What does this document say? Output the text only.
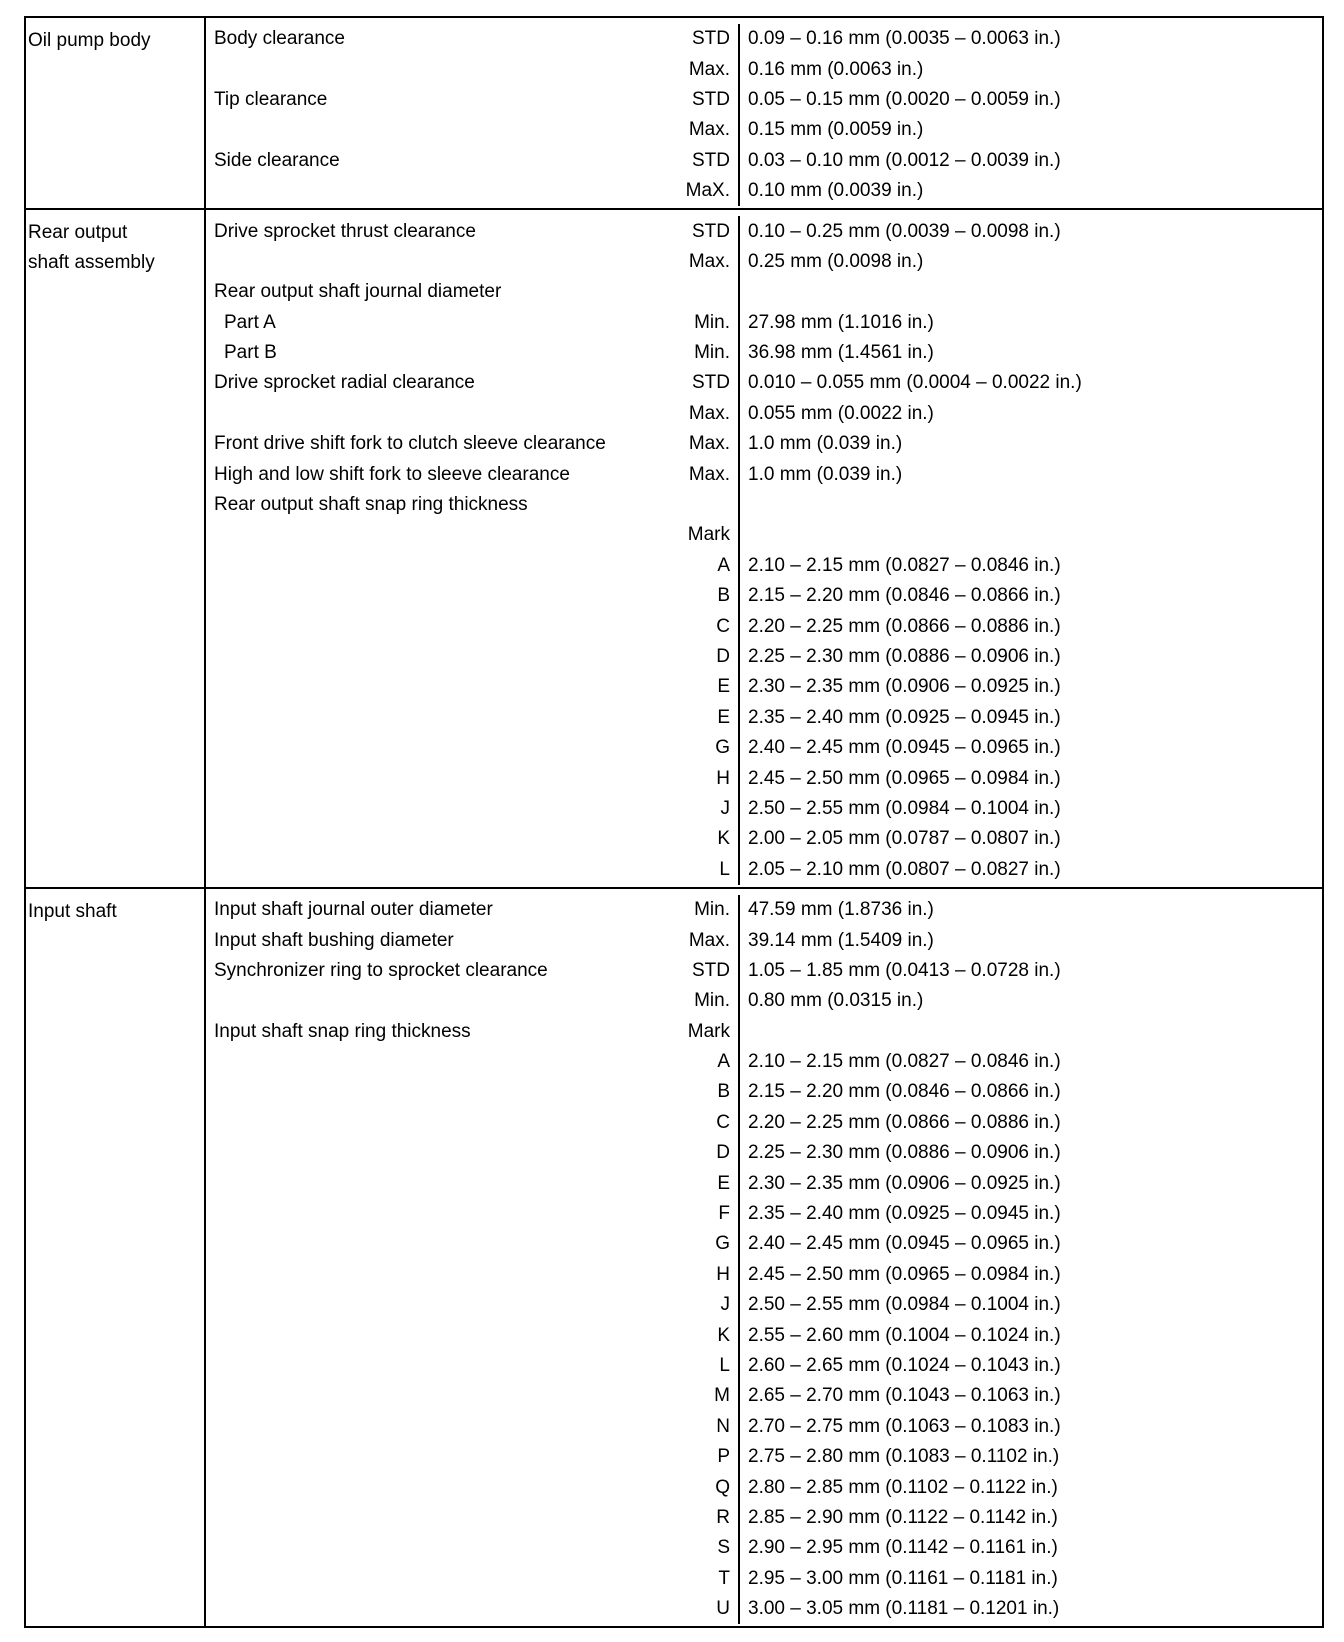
Oil pump body	Body clearance	STD 0.09 – 0.16 mm (0.0035 – 0.0063 in.)
Max. 0.16 mm (0.0063 in.)
Tip clearance	STD 0.05 – 0.15 mm (0.0020 – 0.0059 in.)
Max. 0.15 mm (0.0059 in.)
Side clearance	STD 0.03 – 0.10 mm (0.0012 – 0.0039 in.)
MaX. 0.10 mm (0.0039 in.)
Rear output
shaft assembly
Drive sprocket thrust clearance	STD 0.10 – 0.25 mm (0.0039 – 0.0098 in.)
Max. 0.25 mm (0.0098 in.)
Rear output shaft journal diameter
Part A	Min. 27.98 mm (1.1016 in.)
Part B	Min. 36.98 mm (1.4561 in.)
Drive sprocket radial clearance	STD 0.010 – 0.055 mm (0.0004 – 0.0022 in.)
Max. 0.055 mm (0.0022 in.)
Front drive shift fork to clutch sleeve clearance	Max. 1.0 mm (0.039 in.)
High and low shift fork to sleeve clearance	Max. 1.0 mm (0.039 in.)
Rear output shaft snap ring thickness
Mark
A 2.10 – 2.15 mm (0.0827 – 0.0846 in.)
B 2.15 – 2.20 mm (0.0846 – 0.0866 in.)
C 2.20 – 2.25 mm (0.0866 – 0.0886 in.)
D 2.25 – 2.30 mm (0.0886 – 0.0906 in.)
E 2.30 – 2.35 mm (0.0906 – 0.0925 in.)
E 2.35 – 2.40 mm (0.0925 – 0.0945 in.)
G 2.40 – 2.45 mm (0.0945 – 0.0965 in.)
H 2.45 – 2.50 mm (0.0965 – 0.0984 in.)
J 2.50 – 2.55 mm (0.0984 – 0.1004 in.)
K 2.00 – 2.05 mm (0.0787 – 0.0807 in.)
L 2.05 – 2.10 mm (0.0807 – 0.0827 in.)
Input shaft	Input shaft journal outer diameter	Min. 47.59 mm (1.8736 in.)
Input shaft bushing diameter	Max. 39.14 mm (1.5409 in.)
Synchronizer ring to sprocket clearance	STD 1.05 – 1.85 mm (0.0413 – 0.0728 in.)
Min. 0.80 mm (0.0315 in.)
Input shaft snap ring thickness	Mark
A 2.10 – 2.15 mm (0.0827 – 0.0846 in.)
B 2.15 – 2.20 mm (0.0846 – 0.0866 in.)
C 2.20 – 2.25 mm (0.0866 – 0.0886 in.)
D 2.25 – 2.30 mm (0.0886 – 0.0906 in.)
E 2.30 – 2.35 mm (0.0906 – 0.0925 in.)
F 2.35 – 2.40 mm (0.0925 – 0.0945 in.)
G 2.40 – 2.45 mm (0.0945 – 0.0965 in.)
H 2.45 – 2.50 mm (0.0965 – 0.0984 in.)
J 2.50 – 2.55 mm (0.0984 – 0.1004 in.)
K 2.55 – 2.60 mm (0.1004 – 0.1024 in.)
L 2.60 – 2.65 mm (0.1024 – 0.1043 in.)
M 2.65 – 2.70 mm (0.1043 – 0.1063 in.)
N 2.70 – 2.75 mm (0.1063 – 0.1083 in.)
P 2.75 – 2.80 mm (0.1083 – 0.1102 in.)
Q 2.80 – 2.85 mm (0.1102 – 0.1122 in.)
R 2.85 – 2.90 mm (0.1122 – 0.1142 in.)
S 2.90 – 2.95 mm (0.1142 – 0.1161 in.)
T 2.95 – 3.00 mm (0.1161 – 0.1181 in.)
U 3.00 – 3.05 mm (0.1181 – 0.1201 in.)
